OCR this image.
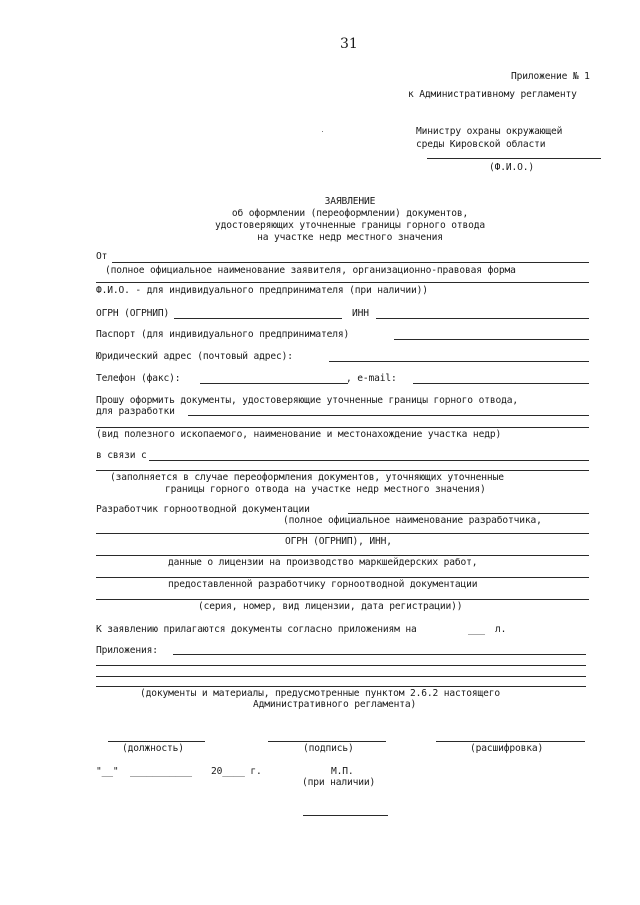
31
Приложение № 1
к Административному регламенту
Министру охраны окружающей
среды Кировской области
(Ф.И.О.)
ЗАЯВЛЕНИЕ
об оформлении (переоформлении) документов,
удостоверяющих уточненные границы горного отвода
на участке недр местного значения
От
(полное официальное наименование заявителя, организационно-правовая форма
Ф.И.О. - для индивидуального предпринимателя (при наличии))
ОГРН (ОГРНИП)	ИНН
Паспорт (для индивидуального предпринимателя)
Юридический адрес (почтовый адрес):
Телефон (факс):	, e-mail:
Прошу оформить документы, удостоверяющие уточненные границы горного отвода,
для разработки
(вид полезного ископаемого, наименование и местонахождение участка недр)
в связи с
(заполняется в случае переоформления документов, уточняющих уточненные
границы горного отвода на участке недр местного значения)
Разработчик горноотводной документации
(полное официальное наименование разработчика,
ОГРН (ОГРНИП), ИНН,
данные о лицензии на производство маркшейдерских работ,
предоставленной разработчику горноотводной документации
(серия, номер, вид лицензии, дата регистрации))
К заявлению прилагаются документы согласно приложениям на	___ л.
Приложения:
(документы и материалы, предусмотренные пунктом 2.6.2 настоящего
Административного регламента)
(должность)	(подпись)	(расшифровка)
"__" ___________ 20____ г.	М.П.
(при наличии)
